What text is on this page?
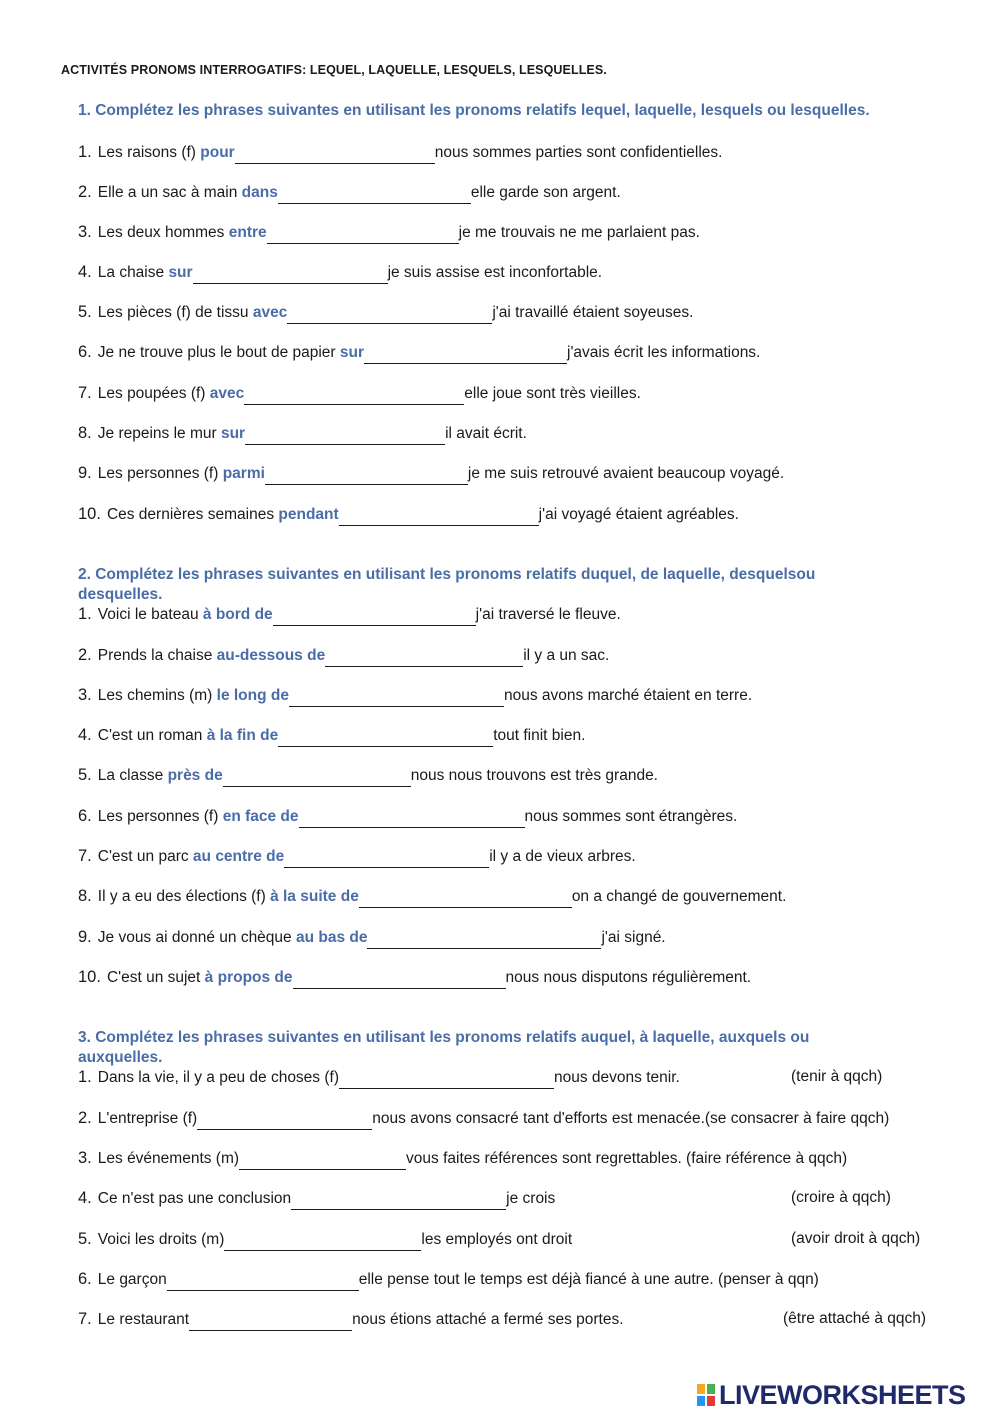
ACTIVITÉS PRONOMS INTERROGATIFS: LEQUEL, LAQUELLE, LESQUELS, LESQUELLES.
1. Complétez les phrases suivantes en utilisant les pronoms relatifs lequel, laquelle, lesquels ou lesquelles.
1. Les raisons (f) pour	nous sommes parties sont confidentielles.
2. Elle a un sac à main dans	elle garde son argent.
3. Les deux hommes entre	je me trouvais ne me parlaient pas.
4. La chaise sur	je suis assise est inconfortable.
5. Les pièces (f) de tissu avec	j'ai travaillé étaient soyeuses.
6. Je ne trouve plus le bout de papier sur	j'avais écrit les informations.
7. Les poupées (f) avec	elle joue sont très vieilles.
8. Je repeins le mur sur	il avait écrit.
9. Les personnes (f) parmi	je me suis retrouvé avaient beaucoup voyagé.
10. Ces dernières semaines pendant	j'ai voyagé étaient agréables.
2. Complétez les phrases suivantes en utilisant les pronoms relatifs duquel, de laquelle, desquelsou desquelles.
1. Voici le bateau à bord de	j'ai traversé le fleuve.
2. Prends la chaise au-dessous de	il y a un sac.
3. Les chemins (m) le long de	nous avons marché étaient en terre.
4. C'est un roman à la fin de	tout finit bien.
5. La classe près de	nous nous trouvons est très grande.
6. Les personnes (f) en face de	nous sommes sont étrangères.
7. C'est un parc au centre de	il y a de vieux arbres.
8. Il y a eu des élections (f) à la suite de	on a changé de gouvernement.
9. Je vous ai donné un chèque au bas de	j'ai signé.
10. C'est un sujet à propos de	nous nous disputons régulièrement.
3. Complétez les phrases suivantes en utilisant les pronoms relatifs auquel, à laquelle, auxquels ou auxquelles.
1. Dans la vie, il y a peu de choses (f)	nous devons tenir.	(tenir à qqch)
2. L'entreprise (f)	nous avons consacré tant d'efforts est menacée.(se consacrer à faire qqch)
3. Les événements (m)	vous faites références sont regrettables. (faire référence à qqch)
4. Ce n'est pas une conclusion	je crois	(croire à qqch)
5. Voici les droits (m)	les employés ont droit	(avoir droit à qqch)
6. Le garçon	elle pense tout le temps est déjà fiancé à une autre. (penser à qqn)
7. Le restaurant	nous étions attaché a fermé ses portes.	(être attaché à qqch)
LIVEWORKSHEETS
